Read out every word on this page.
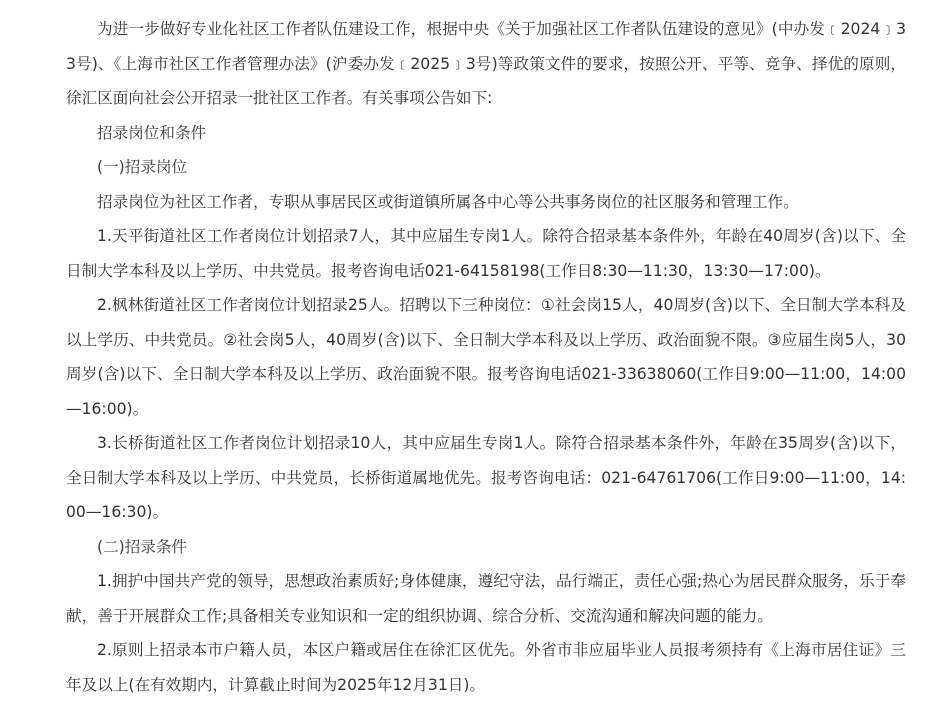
为进一步做好专业化社区工作者队伍建设工作，根据中央《关于加强社区工作者队伍建设的意见》(中办发﹝2024﹞33号)、《上海市社区工作者管理办法》(沪委办发﹝2025﹞3号)等政策文件的要求，按照公开、平等、竞争、择优的原则，徐汇区面向社会公开招录一批社区工作者。有关事项公告如下:

招录岗位和条件

(一)招录岗位

招录岗位为社区工作者，专职从事居民区或街道镇所属各中心等公共事务岗位的社区服务和管理工作。

1.天平街道社区工作者岗位计划招录7人，其中应届生专岗1人。除符合招录基本条件外，年龄在40周岁(含)以下、全日制大学本科及以上学历、中共党员。报考咨询电话021-64158198(工作日8:30—11:30，13:30—17:00)。

2.枫林街道社区工作者岗位计划招录25人。招聘以下三种岗位：①社会岗15人，40周岁(含)以下、全日制大学本科及以上学历、中共党员。②社会岗5人，40周岁(含)以下、全日制大学本科及以上学历、政治面貌不限。③应届生岗5人，30周岁(含)以下、全日制大学本科及以上学历、政治面貌不限。报考咨询电话021-33638060(工作日9:00—11:00，14:00—16:00)。

3.长桥街道社区工作者岗位计划招录10人，其中应届生专岗1人。除符合招录基本条件外，年龄在35周岁(含)以下，全日制大学本科及以上学历、中共党员，长桥街道属地优先。报考咨询电话：021-64761706(工作日9:00—11:00，14:00—16:30)。

(二)招录条件

1.拥护中国共产党的领导，思想政治素质好;身体健康，遵纪守法，品行端正，责任心强;热心为居民群众服务，乐于奉献，善于开展群众工作;具备相关专业知识和一定的组织协调、综合分析、交流沟通和解决问题的能力。

2.原则上招录本市户籍人员，本区户籍或居住在徐汇区优先。外省市非应届毕业人员报考须持有《上海市居住证》三年及以上(在有效期内，计算截止时间为2025年12月31日)。
